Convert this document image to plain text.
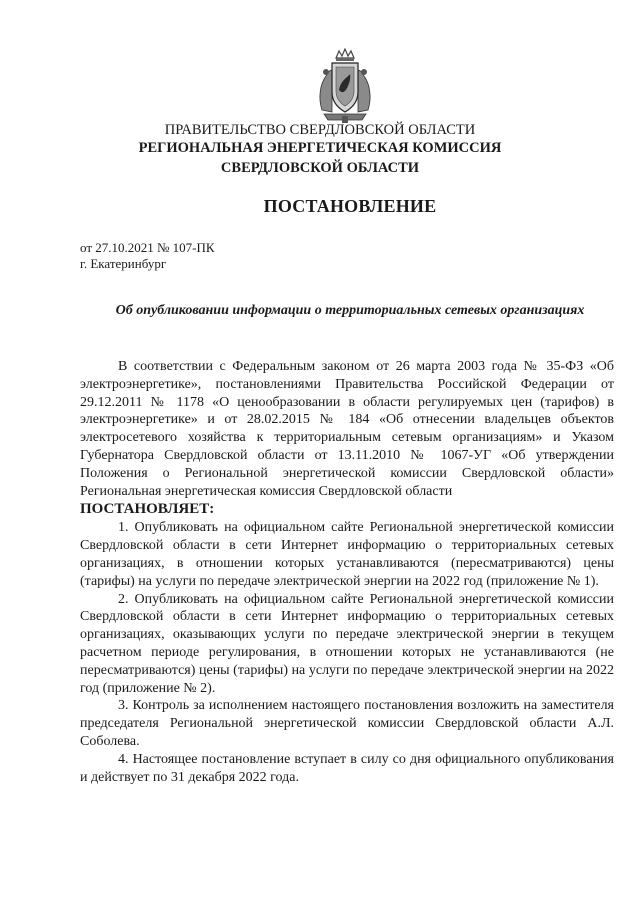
ПРАВИТЕЛЬСТВО СВЕРДЛОВСКОЙ ОБЛАСТИ
РЕГИОНАЛЬНАЯ ЭНЕРГЕТИЧЕСКАЯ КОМИССИЯ
СВЕРДЛОВСКОЙ ОБЛАСТИ
ПОСТАНОВЛЕНИЕ
от 27.10.2021 № 107-ПК
г. Екатеринбург
Об опубликовании информации о территориальных сетевых организациях

В соответствии с Федеральным законом от 26 марта 2003 года № 35-ФЗ «Об электроэнергетике», постановлениями Правительства Российской Федерации от 29.12.2011 № 1178 «О ценообразовании в области регулируемых цен (тарифов) в электроэнергетике» и от 28.02.2015 № 184 «Об отнесении владельцев объектов электросетевого хозяйства к территориальным сетевым организациям» и Указом Губернатора Свердловской области от 13.11.2010 № 1067-УГ «Об утверждении Положения о Региональной энергетической комиссии Свердловской области» Региональная энергетическая комиссия Свердловской области

ПОСТАНОВЛЯЕТ:

1. Опубликовать на официальном сайте Региональной энергетической комиссии Свердловской области в сети Интернет информацию о территориальных сетевых организациях, в отношении которых устанавливаются (пересматриваются) цены (тарифы) на услуги по передаче электрической энергии на 2022 год (приложение № 1).

2. Опубликовать на официальном сайте Региональной энергетической комиссии Свердловской области в сети Интернет информацию о территориальных сетевых организациях, оказывающих услуги по передаче электрической энергии в текущем расчетном периоде регулирования, в отношении которых не устанавливаются (не пересматриваются) цены (тарифы) на услуги по передаче электрической энергии на 2022 год (приложение № 2).

3. Контроль за исполнением настоящего постановления возложить на заместителя председателя Региональной энергетической комиссии Свердловской области А.Л. Соболева.

4. Настоящее постановление вступает в силу со дня официального опубликования и действует по 31 декабря 2022 года.
